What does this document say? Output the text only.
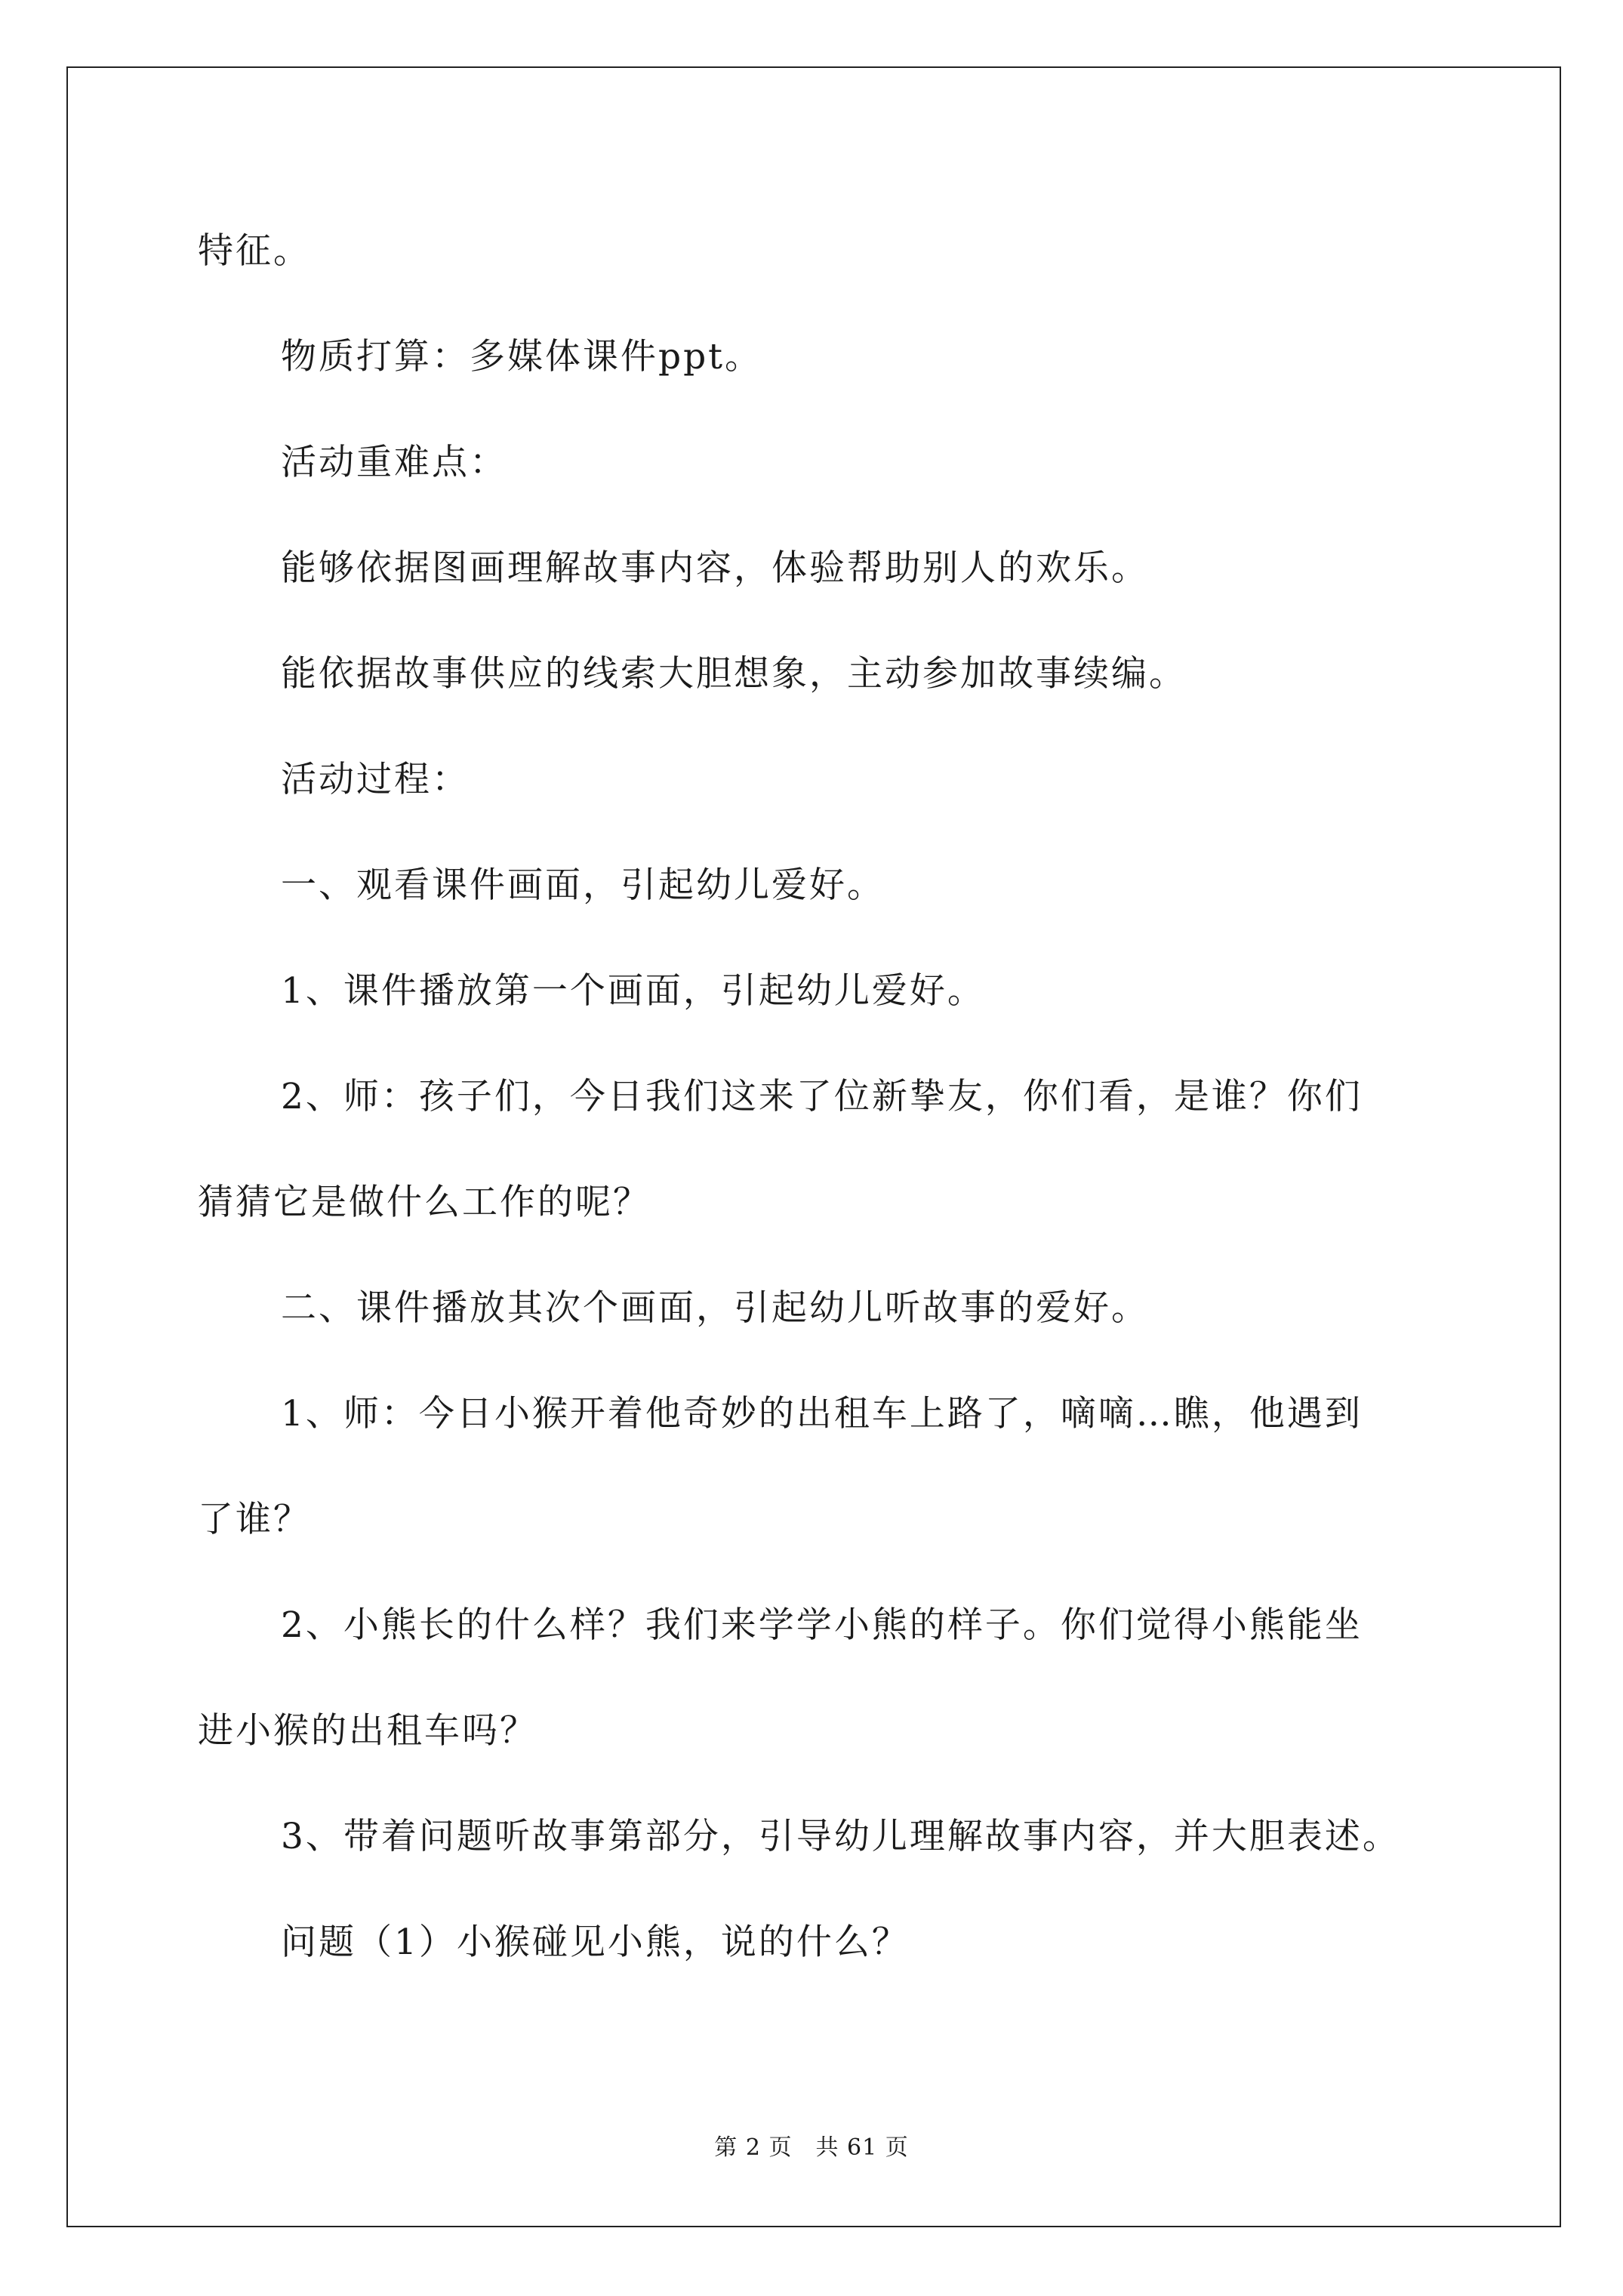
特征。

物质打算：多媒体课件ppt。

活动重难点：

能够依据图画理解故事内容，体验帮助别人的欢乐。

能依据故事供应的线索大胆想象，主动参加故事续编。

活动过程：

一、观看课件画面，引起幼儿爱好。

1、课件播放第一个画面，引起幼儿爱好。

2、师：孩子们，今日我们这来了位新挚友，你们看，是谁？你们

猜猜它是做什么工作的呢？

二、课件播放其次个画面，引起幼儿听故事的爱好。

1、师：今日小猴开着他奇妙的出租车上路了，嘀嘀…瞧，他遇到

了谁？

2、小熊长的什么样？我们来学学小熊的样子。你们觉得小熊能坐

进小猴的出租车吗？

3、带着问题听故事第部分，引导幼儿理解故事内容，并大胆表述。

问题（1）小猴碰见小熊，说的什么？

第 2 页　共 61 页
